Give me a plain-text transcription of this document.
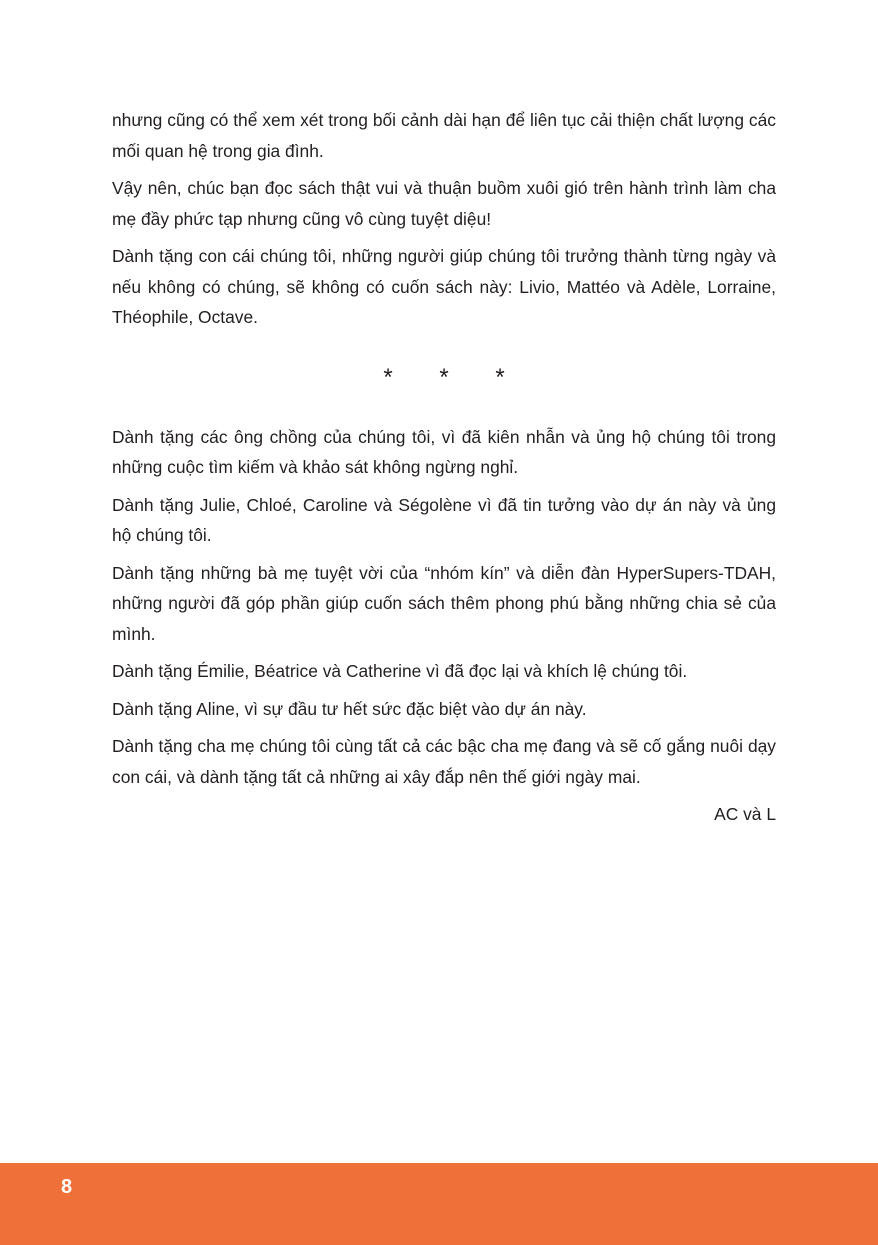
nhưng cũng có thể xem xét trong bối cảnh dài hạn để liên tục cải thiện chất lượng các mối quan hệ trong gia đình.

Vậy nên, chúc bạn đọc sách thật vui và thuận buồm xuôi gió trên hành trình làm cha mẹ đầy phức tạp nhưng cũng vô cùng tuyệt diệu!

Dành tặng con cái chúng tôi, những người giúp chúng tôi trưởng thành từng ngày và nếu không có chúng, sẽ không có cuốn sách này: Livio, Mattéo và Adèle, Lorraine, Théophile, Octave.

* * *

Dành tặng các ông chồng của chúng tôi, vì đã kiên nhẫn và ủng hộ chúng tôi trong những cuộc tìm kiếm và khảo sát không ngừng nghỉ.

Dành tặng Julie, Chloé, Caroline và Ségolène vì đã tin tưởng vào dự án này và ủng hộ chúng tôi.

Dành tặng những bà mẹ tuyệt vời của “nhóm kín” và diễn đàn HyperSupers-TDAH, những người đã góp phần giúp cuốn sách thêm phong phú bằng những chia sẻ của mình.

Dành tặng Émilie, Béatrice và Catherine vì đã đọc lại và khích lệ chúng tôi.

Dành tặng Aline, vì sự đầu tư hết sức đặc biệt vào dự án này.

Dành tặng cha mẹ chúng tôi cùng tất cả các bậc cha mẹ đang và sẽ cố gắng nuôi dạy con cái, và dành tặng tất cả những ai xây đắp nên thế giới ngày mai.

AC và L

8
